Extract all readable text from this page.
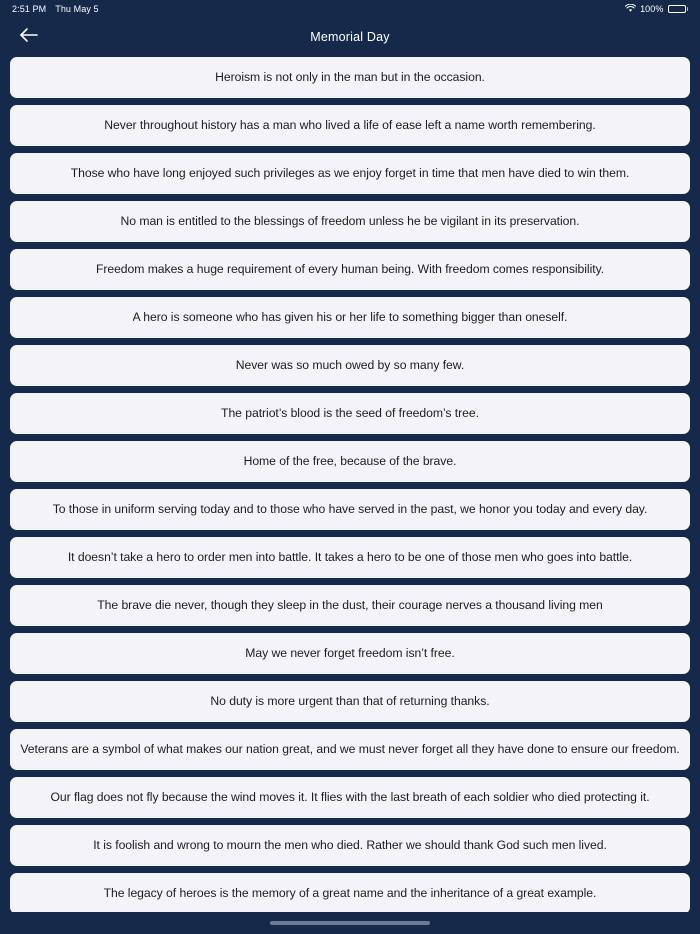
2:51 PM Thu May 5	100%
Memorial Day
Heroism is not only in the man but in the occasion.
Never throughout history has a man who lived a life of ease left a name worth remembering.
Those who have long enjoyed such privileges as we enjoy forget in time that men have died to win them.
No man is entitled to the blessings of freedom unless he be vigilant in its preservation.
Freedom makes a huge requirement of every human being. With freedom comes responsibility.
A hero is someone who has given his or her life to something bigger than oneself.
Never was so much owed by so many few.
The patriot’s blood is the seed of freedom’s tree.
Home of the free, because of the brave.
To those in uniform serving today and to those who have served in the past, we honor you today and every day.
It doesn’t take a hero to order men into battle. It takes a hero to be one of those men who goes into battle.
The brave die never, though they sleep in the dust, their courage nerves a thousand living men
May we never forget freedom isn’t free.
No duty is more urgent than that of returning thanks.
Veterans are a symbol of what makes our nation great, and we must never forget all they have done to ensure our freedom.
Our flag does not fly because the wind moves it. It flies with the last breath of each soldier who died protecting it.
It is foolish and wrong to mourn the men who died. Rather we should thank God such men lived.
The legacy of heroes is the memory of a great name and the inheritance of a great example.
